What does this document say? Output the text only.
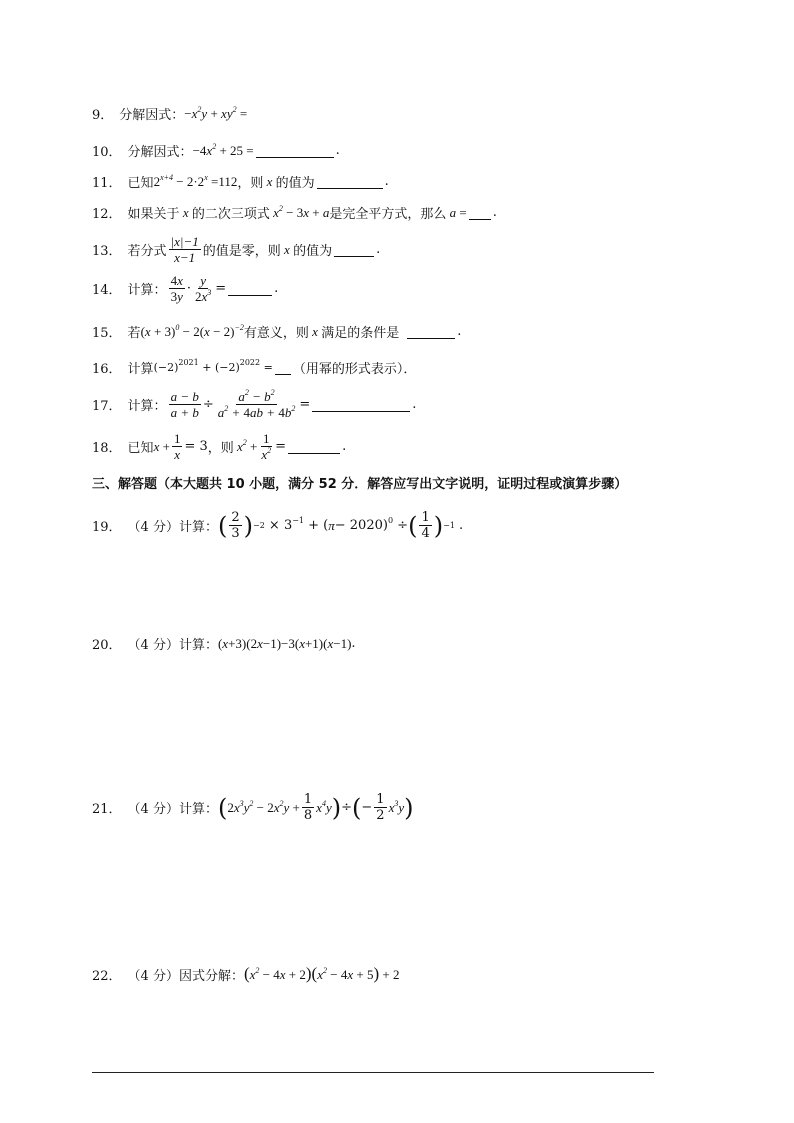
9． 分解因式： $-x^2y + xy^2$ =
10． 分解因式： $-4x^2 + 25$ =	.
11． 已知 $2^{x+4} - 2\cdot 2^x =112$ ，则 x 的值为	.
12． 如果关于 x 的二次三项式 $x^2 - 3x + a$ 是完全平方式，那么 a = .
13． 若分式 $\frac{|x|-1}{x-1}$ 的值是零，则 x 的值为	.
14． 计算： $\frac{4x}{3y} \cdot \frac{y}{2x^3}$ =	.
15． 若 $(x + 3)^0 - 2(x - 2)^{-2}$ 有意义，则 x 满足的条件是	.
16． 计算 $(-2)^{2021} + (-2)^{2022}$ = （用幂的形式表示）．
17． 计算： $\frac{a - b}{a + b} \div \frac{a^2 - b^2}{a^2 + 4ab + 4b^2}$ =	.
18． 已知 $x + \frac{1}{x} = 3$ ，则 $x^2 + \frac{1}{x^2}$ =	.
三、解答题（本大题共 10 小题，满分 52 分．解答应写出文字说明，证明过程或演算步骤）
19． （4 分）计算： ( $\frac{2}{3}$ ) $-2 \times 3^{-1}$ + ( π − 2020)$^0$ ÷ ( $\frac{1}{4}$ ) −1 .
20． （4 分）计算： (x+3)(2x−1)−3(x+1)(x−1) .
21． （4 分）计算： ( $2x^3y^2 - 2x^2y + \frac{1}{8} x^4y$ ) ÷ ( − $\frac{1}{2} x^3y$ )
22． （4 分）因式分解： $(x^2 - 4x + 2)(x^2 - 4x + 5) + 2$
